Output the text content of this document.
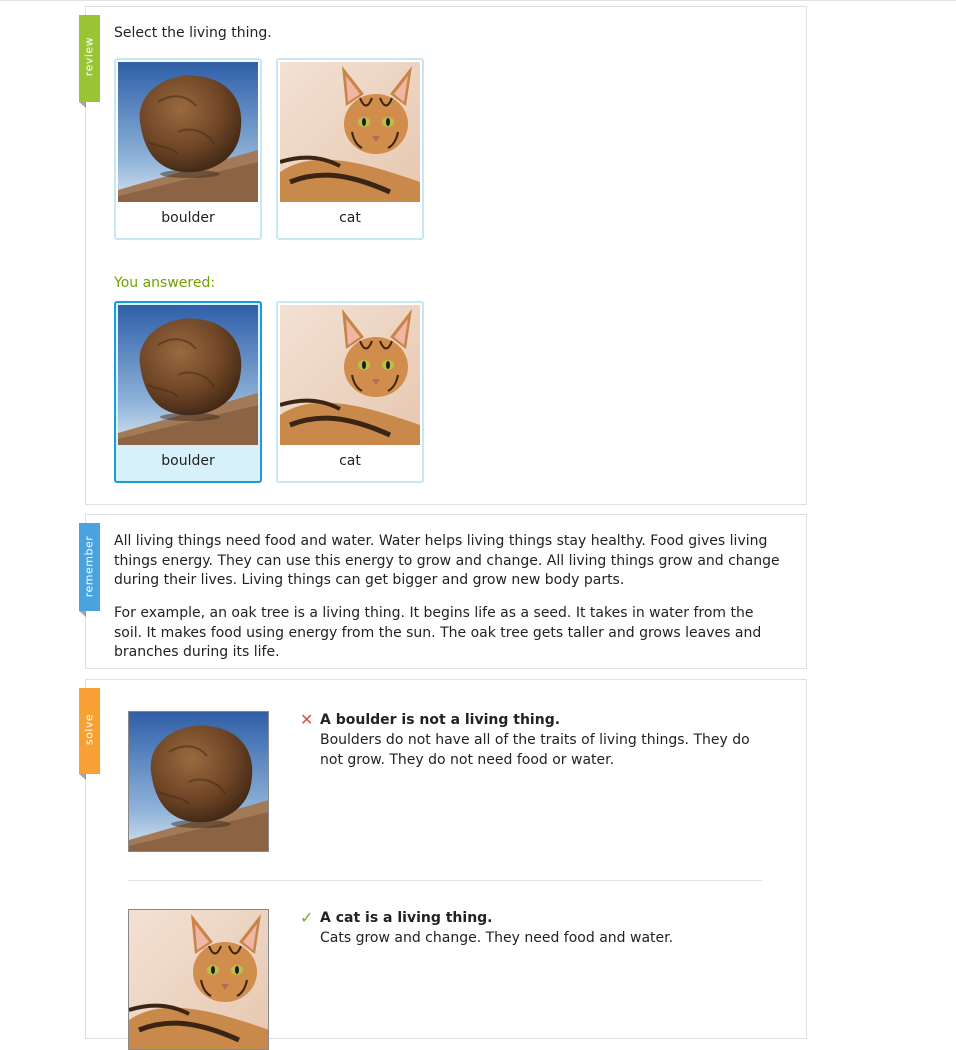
review
Select the living thing.
boulder	cat
You answered:
boulder	cat
remember All living things need food and water. Water helps living things stay healthy. Food gives living things energy. They can use this energy to grow and change. All living things grow and change during their lives. Living things can get bigger and grow new body parts.
For example, an oak tree is a living thing. It begins life as a seed. It takes in water from the soil. It makes food using energy from the sun. The oak tree gets taller and grows leaves and branches during its life.
solve	✕ A boulder is not a living thing.
Boulders do not have all of the traits of living things. They do not grow. They do not need food or water.
✓ A cat is a living thing.
Cats grow and change. They need food and water.
